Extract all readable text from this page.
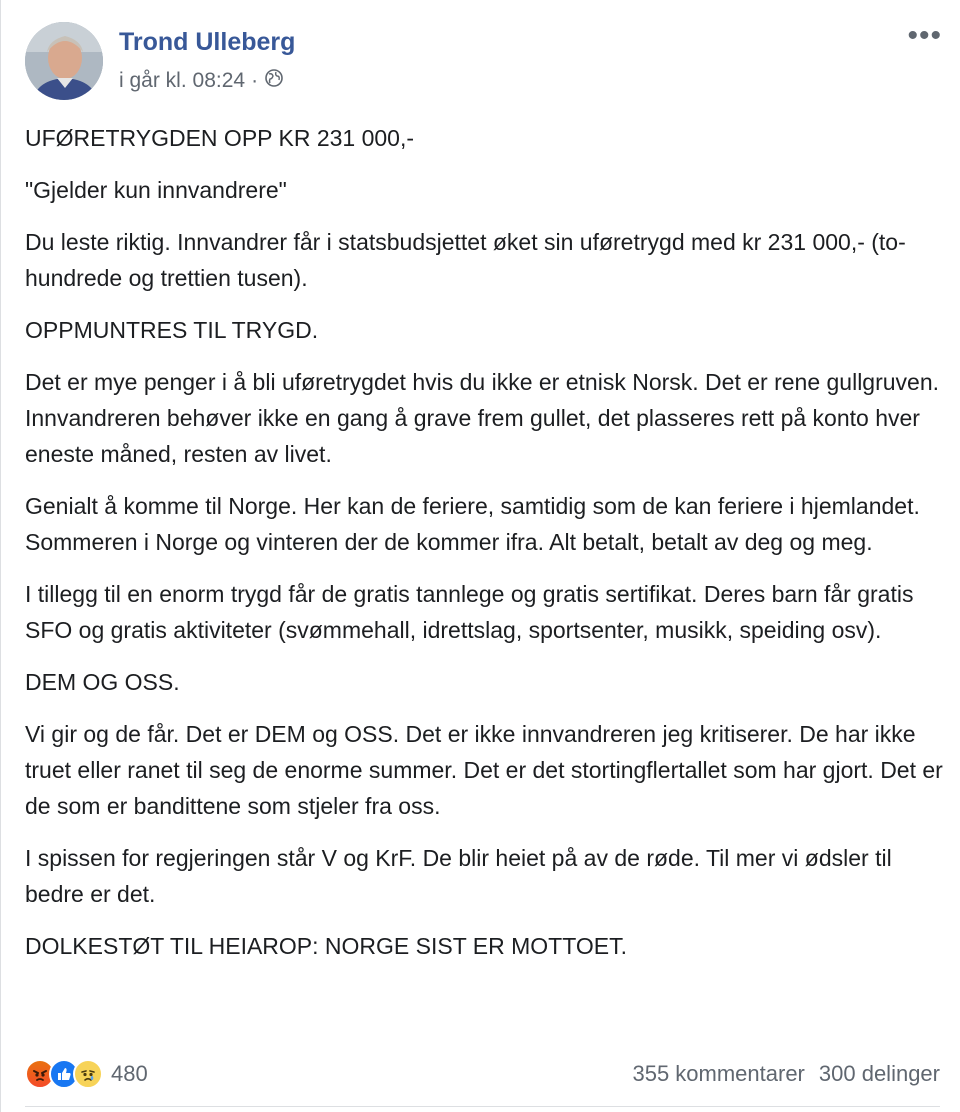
Trond Ulleberg
i går kl. 08:24 ·
•••

UFØRETRYGDEN OPP KR 231 000,-

"Gjelder kun innvandrere"

Du leste riktig. Innvandrer får i statsbudsjettet øket sin uføretrygd med kr 231 000,- (to-hundrede og trettien tusen).

OPPMUNTRES TIL TRYGD.

Det er mye penger i å bli uføretrygdet hvis du ikke er etnisk Norsk. Det er rene gullgruven. Innvandreren behøver ikke en gang å grave frem gullet, det plasseres rett på konto hver eneste måned, resten av livet.

Genialt å komme til Norge. Her kan de feriere, samtidig som de kan feriere i hjemlandet. Sommeren i Norge og vinteren der de kommer ifra. Alt betalt, betalt av deg og meg.

I tillegg til en enorm trygd får de gratis tannlege og gratis sertifikat. Deres barn får gratis SFO og gratis aktiviteter (svømmehall, idrettslag, sportsenter, musikk, speiding osv).

DEM OG OSS.

Vi gir og de får. Det er DEM og OSS. Det er ikke innvandreren jeg kritiserer. De har ikke truet eller ranet til seg de enorme summer. Det er det stortingflertallet som har gjort. Det er de som er bandittene som stjeler fra oss.

I spissen for regjeringen står V og KrF. De blir heiet på av de røde. Til mer vi ødsler til bedre er det.

DOLKESTØT TIL HEIAROP: NORGE SIST ER MOTTOET.

480	355 kommentarer 300 delinger
